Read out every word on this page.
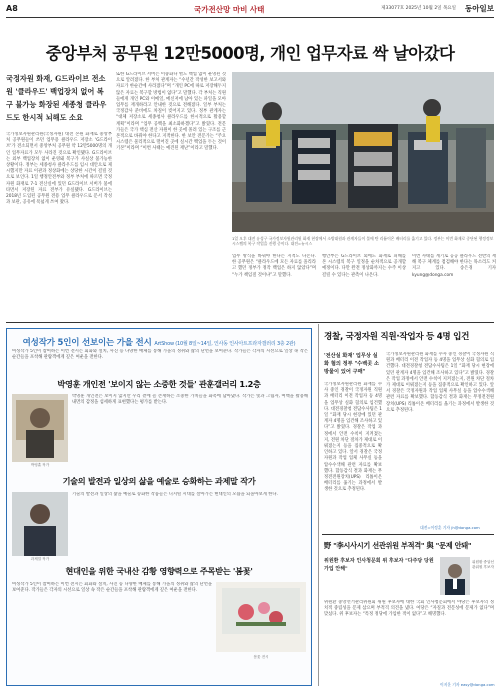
A8	국가전산망 마비 사태	제33077호 2025년 10월 2일 목요일 동아일보
중앙부처 공무원 12만5000명, 개인 업무자료 싹 날아갔다
국정자원 화재, G드라이브 전소 원 '클라우드' 백업장치 없어 복구 불가능 화장된 세종청 클라우드도 한시적 뇌해도 소요
국가정보자원관리원(국정자원) 대전 본원 화재로 중앙부처 공무원들이 쓰던 업무용 클라우드 저장소 'G드라이브'가 전소되면서 중앙부처 공무원 약 12만5000명의 개인 업무자료가 모두 사라진 것으로 확인됐다. G드라이브는 외부 백업장치 없이 운영돼 복구가 사실상 불가능한 상황이다. 정부는 세종청사 클라우드를 임시 대안으로 제시했지만 자료 이관과 정상화에는 상당한 시간이 걸릴 것으로 보인다. 1일 행정안전부와 정부 부처에 따르면 국정자원 화재로 7-1 전산실에 있던 G드라이브 서버가 불에 타면서 저장된 자료 전부가 유실됐다. G드라이브는 2018년 도입된 공무원 전용 업무 클라우드로 문서 작성과 보관, 공유에 폭넓게 쓰여 왔다.
또한 G드라이브 서버는 이중화나 별도 백업 없이 운영된 것으로 알려졌다. 한 부처 관계자는 “수년간 작성한 보고서와 자료가 한순간에 사라졌다”며 “개인 PC에 따로 저장해두지 않은 자료는 복구할 방법이 없다”고 말했다. 각 부처는 직원들에게 개인 PC와 이메일, 메신저에 남아 있는 파일을 모아 업무를 재개하라고 안내한 것으로 전해졌다. 일부 부처는 국정감사 준비에도 차질이 빚어지고 있다. 정부 관계자는 “대체 저장소로 세종청사 클라우드를 한시적으로 활용할 계획”이라며 “업무 공백을 최소화하겠다”고 밝혔다. 전문가들은 국가 핵심 전산 자원이 한 곳에 몰려 있는 구조를 근본적으로 바꿔야 한다고 지적한다. 한 보안 전문가는 “주요 시스템은 물리적으로 떨어진 곳에 실시간 백업을 두는 것이 기본”이라며 “이번 사태는 예견된 재난”이라고 말했다.
1일 오후 대전 유성구 국가정보자원관리원 화재 현장에서 소방대원과 관계자들이 불에 탄 리튬이온 배터리를 옮기고 있다. 정부는 이번 화재로 중단된 행정정보시스템의 복구 작업을 진행 중이다. 대전=뉴시스
업무 방식을 바꿔야 한다는 지적도 나온다. 한 공무원은 “클라우드에 모든 자료를 올리라고 했던 정부가 정작 백업은 하지 않았다”며 “누가 책임질 것이냐”고 말했다.
행안부는 G드라이브 외에도 화재로 피해를 본 시스템의 복구 일정을 순차적으로 공개할 예정이다. 다만 완전 정상화까지는 수주 이상 걸릴 수 있다는 관측이 나온다.
이번 사태를 계기로 공공 클라우드 전반의 재해 복구 체계를 점검해야 한다는 목소리도 커지고 있다. 송은경 기자 kyung@donga.com
여성작가 5인이 선보이는 가을 전시 ArtShow (10월 8일~14일, 인사동 인사아트프라자갤러리 3층 2관)
여성작가 5인이 참여하는 이번 전시는 회화와 설치, 사진 등 다양한 매체를 통해 가을의 정취와 삶의 단면을 보여준다. 작가들은 각자의 시선으로 일상 속 작은 순간들을 포착해 관람객에게 깊은 여운을 전한다.
박영훈 개인전 '보이지 않는 소중한 것들' 관훈갤러리 1.2층
박영훈 작가
박영훈 개인전은 보이지 않지만 우리 곁에 늘 존재하는 소중한 가치들을 화폭에 담아냈다. 작가는 빛과 그림자, 여백을 활용해 내면의 감정을 섬세하게 표현했다는 평가를 받는다.
기술의 발전과 일상의 삶을 예술로 승화하는 과제말 작가
과제말 작가
기술의 발전과 일상의 삶을 예술로 승화한 작품들은 디지털 시대를 살아가는 현대인의 모습을 되돌아보게 한다.
현대인을 위한 국내산 감황 영향력으로 주목받는 '봄꽃'
여성작가 5인이 참여하는 이번 전시는 회화와 설치, 사진 등 다양한 매체를 통해 가을의 정취와 삶의 단면을 보여준다. 작가들은 각자의 시선으로 일상 속 작은 순간들을 포착해 관람객에게 깊은 여운을 전한다.
봄꽃 전시
경찰, 국정자원 직원·작업자 등 4명 입건
'전산실 화재' 업무상 실화 혐의 정부 "수백곳 소방물이 있어 구매"
국가정보자원관리원 화재를 수사 중인 경찰이 국정자원 직원과 배터리 이전 작업자 등 4명을 업무상 실화 혐의로 입건했다. 대전경찰청 전담수사팀은 1일 “화재 당시 현장에 있던 관계자 4명을 입건해 조사하고 있다”고 밝혔다. 경찰은 작업 과정에서 안전 수칙이 지켜졌는지, 전원 차단 절차가 제대로 이뤄졌는지 등을 집중적으로 확인하고 있다. 앞서 경찰은 국정자원과 작업 업체 사무실 등을 압수수색해 관련 자료를 확보했다. 합동감식 결과 화재는 무정전전원장치(UPS) 리튬이온 배터리를 옮기는 과정에서 발생한 것으로 추정된다.
국가정보자원관리원 화재를 수사 중인 경찰이 국정자원 직원과 배터리 이전 작업자 등 4명을 업무상 실화 혐의로 입건했다. 대전경찰청 전담수사팀은 1일 “화재 당시 현장에 있던 관계자 4명을 입건해 조사하고 있다”고 밝혔다. 경찰은 작업 과정에서 안전 수칙이 지켜졌는지, 전원 차단 절차가 제대로 이뤄졌는지 등을 집중적으로 확인하고 있다. 앞서 경찰은 국정자원과 작업 업체 사무실 등을 압수수색해 관련 자료를 확보했다. 합동감식 결과 화재는 무정전전원장치(UPS) 리튬이온 배터리를 옮기는 과정에서 발생한 것으로 추정된다.
대전=이정훈 기자 jh@donga.com
野 "李시사시기 선관위원 부적격" 與 "문제 안돼"
위원환 후보자 인사청문회 위 후보자 "다주당 당원 가입 안해"
위원환 중앙선관위원 후보자
위원환 중앙선거관리위원회 위원 후보자에 대한 국회 인사청문회에서 야당은 후보자의 정치적 중립성을 문제 삼으며 부적격 의견을 냈다. 여당은 “자질과 전문성에 문제가 없다”며 맞섰다. 위 후보자는 “특정 정당에 가입한 적이 없다”고 해명했다.
이지운 기자 easy@donga.com
